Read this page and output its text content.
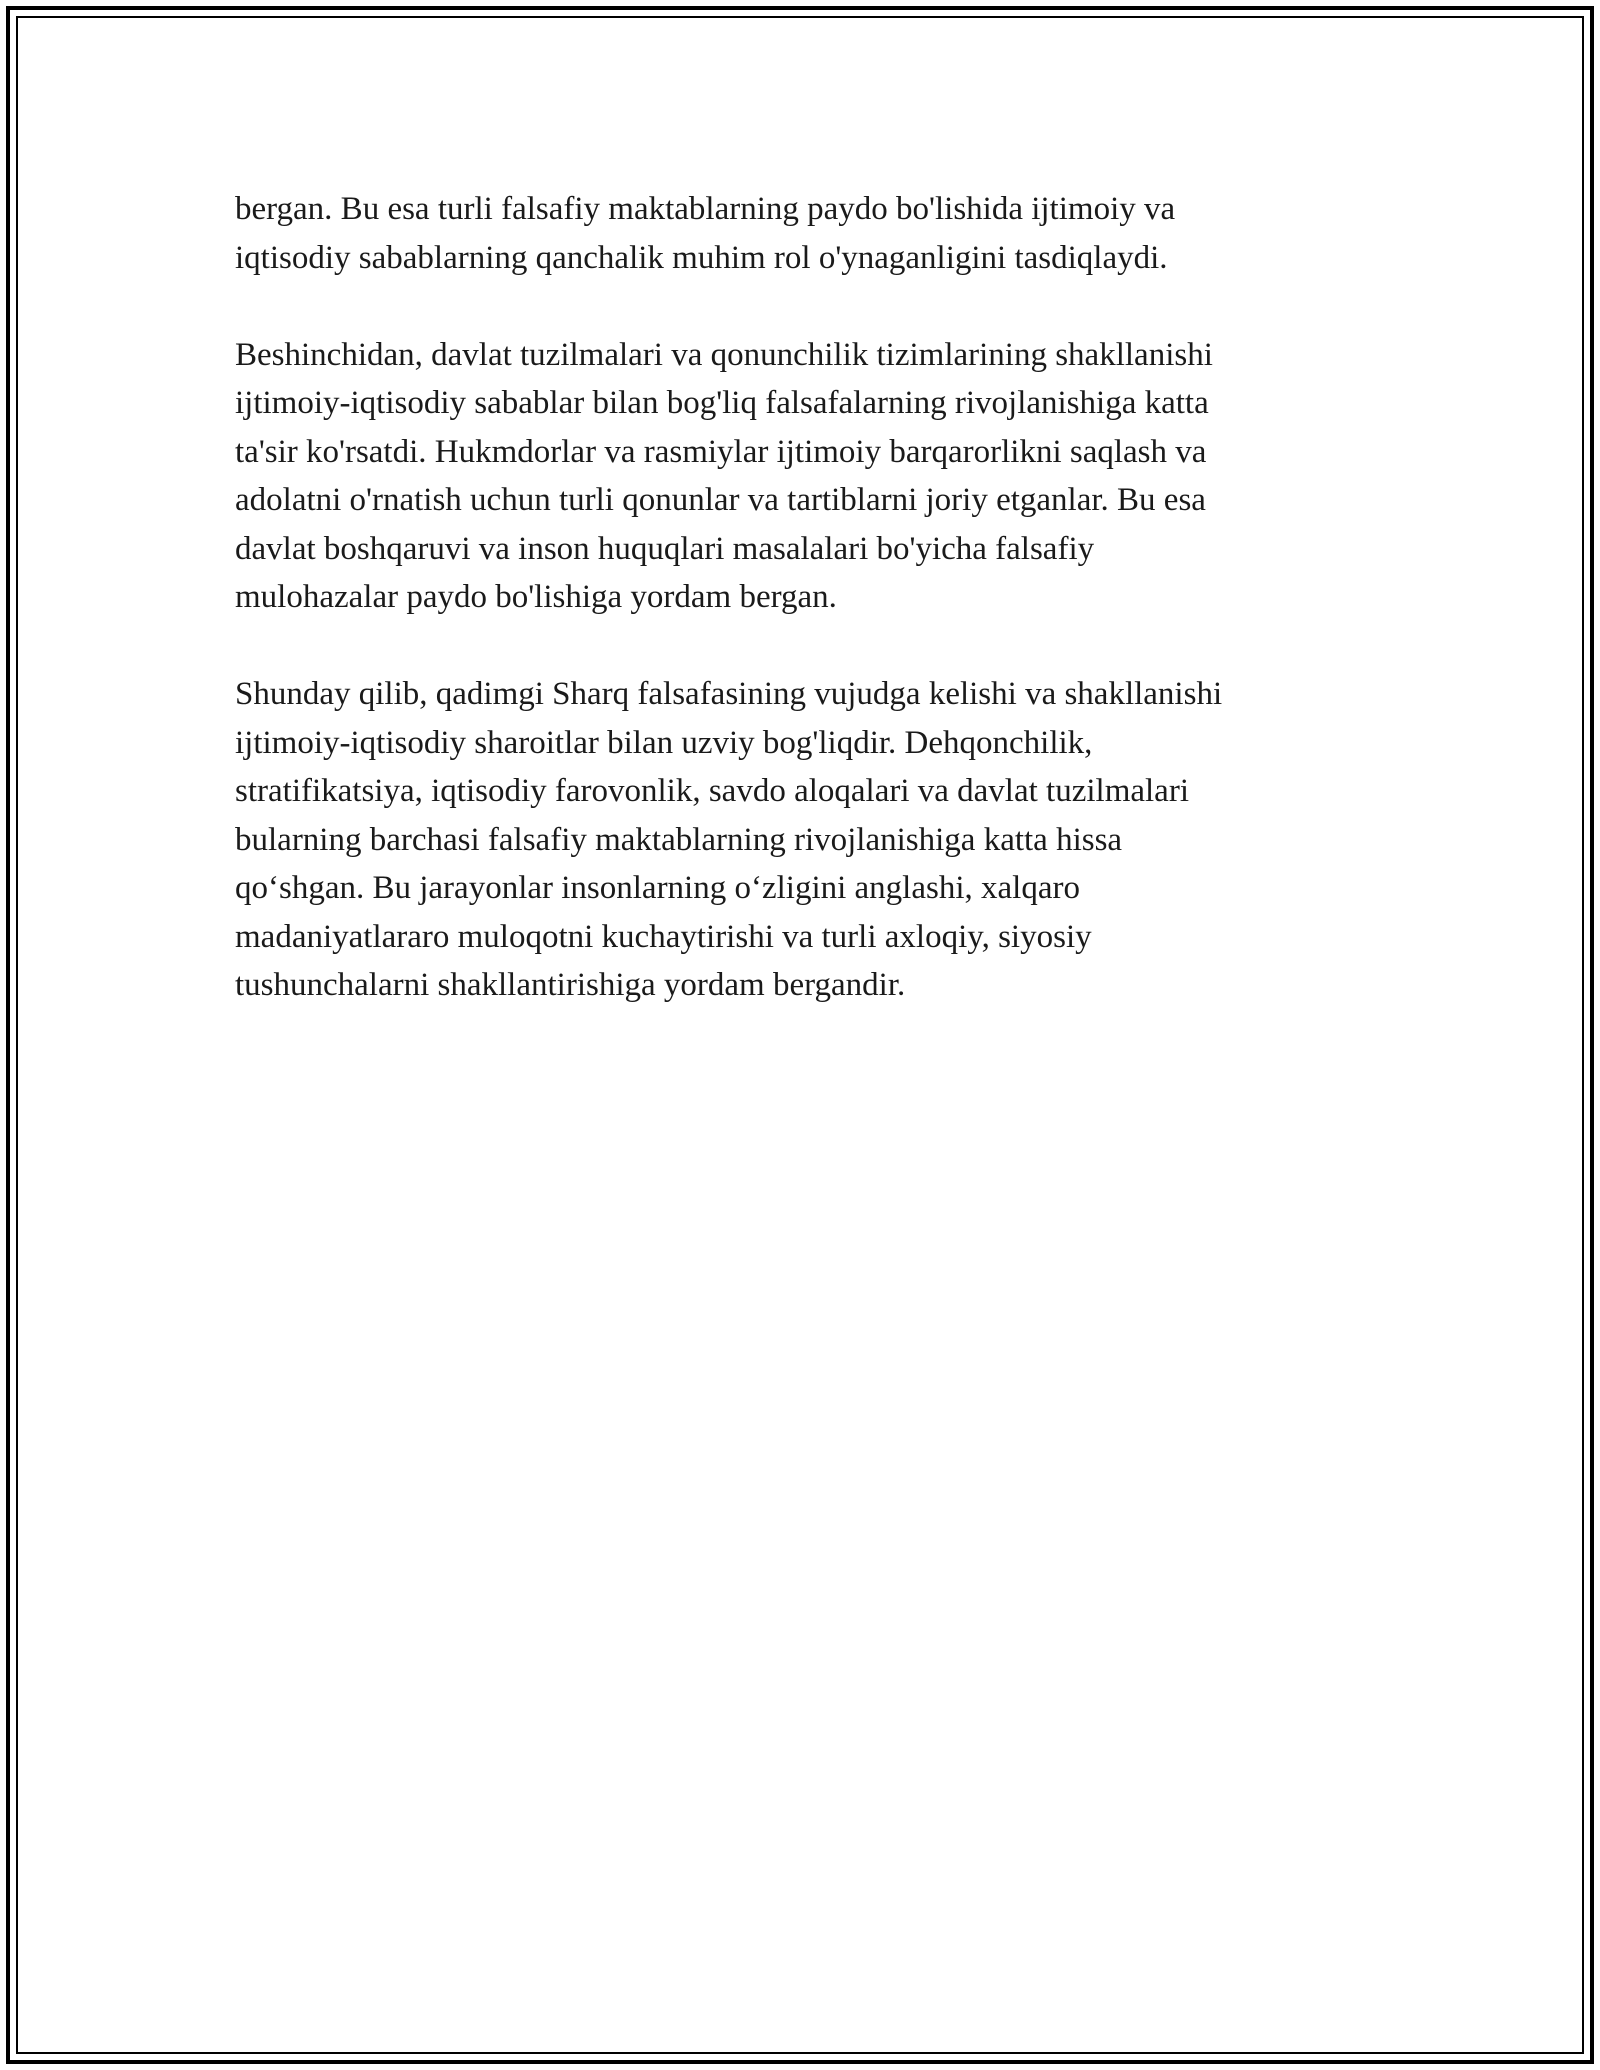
bergan. Bu esa turli falsafiy maktablarning paydo bo'lishida ijtimoiy va
iqtisodiy sabablarning qanchalik muhim rol o'ynaganligini tasdiqlaydi.

Beshinchidan, davlat tuzilmalari va qonunchilik tizimlarining shakllanishi
ijtimoiy-iqtisodiy sabablar bilan bog'liq falsafalarning rivojlanishiga katta
ta'sir ko'rsatdi. Hukmdorlar va rasmiylar ijtimoiy barqarorlikni saqlash va
adolatni o'rnatish uchun turli qonunlar va tartiblarni joriy etganlar. Bu esa
davlat boshqaruvi va inson huquqlari masalalari bo'yicha falsafiy
mulohazalar paydo bo'lishiga yordam bergan.

Shunday qilib, qadimgi Sharq falsafasining vujudga kelishi va shakllanishi
ijtimoiy-iqtisodiy sharoitlar bilan uzviy bog'liqdir. Dehqonchilik,
stratifikatsiya, iqtisodiy farovonlik, savdo aloqalari va davlat tuzilmalari
bularning barchasi falsafiy maktablarning rivojlanishiga katta hissa
qo‘shgan. Bu jarayonlar insonlarning o‘zligini anglashi, xalqaro
madaniyatlararo muloqotni kuchaytirishi va turli axloqiy, siyosiy
tushunchalarni shakllantirishiga yordam bergandir.
